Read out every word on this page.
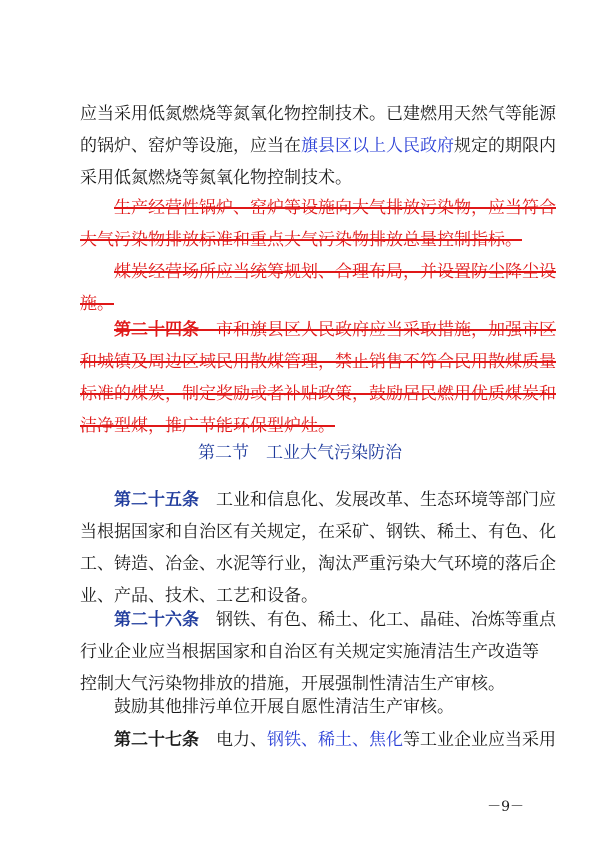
应当采用低氮燃烧等氮氧化物控制技术。已建燃用天然气等能源
的锅炉、窑炉等设施，应当在旗县区以上人民政府规定的期限内
采用低氮燃烧等氮氧化物控制技术。

生产经营性锅炉、窑炉等设施向大气排放污染物，应当符合
大气污染物排放标准和重点大气污染物排放总量控制指标。

煤炭经营场所应当统筹规划、合理布局，并设置防尘降尘设
施。

第二十四条　 市和旗县区人民政府应当采取措施，加强市区
和城镇及周边区域民用散煤管理，禁止销售不符合民用散煤质量
标准的煤炭，制定奖励或者补贴政策，鼓励居民燃用优质煤炭和
洁净型煤，推广节能环保型炉灶。

第二节　工业大气污染防治

第二十五条　 工业和信息化、发展改革、生态环境等部门应
当根据国家和自治区有关规定，在采矿、钢铁、稀土、有色、化
工、铸造、冶金、水泥等行业，淘汰严重污染大气环境的落后企
业、产品、技术、工艺和设备。

第二十六条　 钢铁、有色、稀土、化工、晶硅、冶炼等重点
行业企业应当根据国家和自治区有关规定实施清洁生产改造等
控制大气污染物排放的措施，开展强制性清洁生产审核。

鼓励其他排污单位开展自愿性清洁生产审核。

第二十七条　 电力、钢铁、稀土、焦化等工业企业应当采用

－9－
